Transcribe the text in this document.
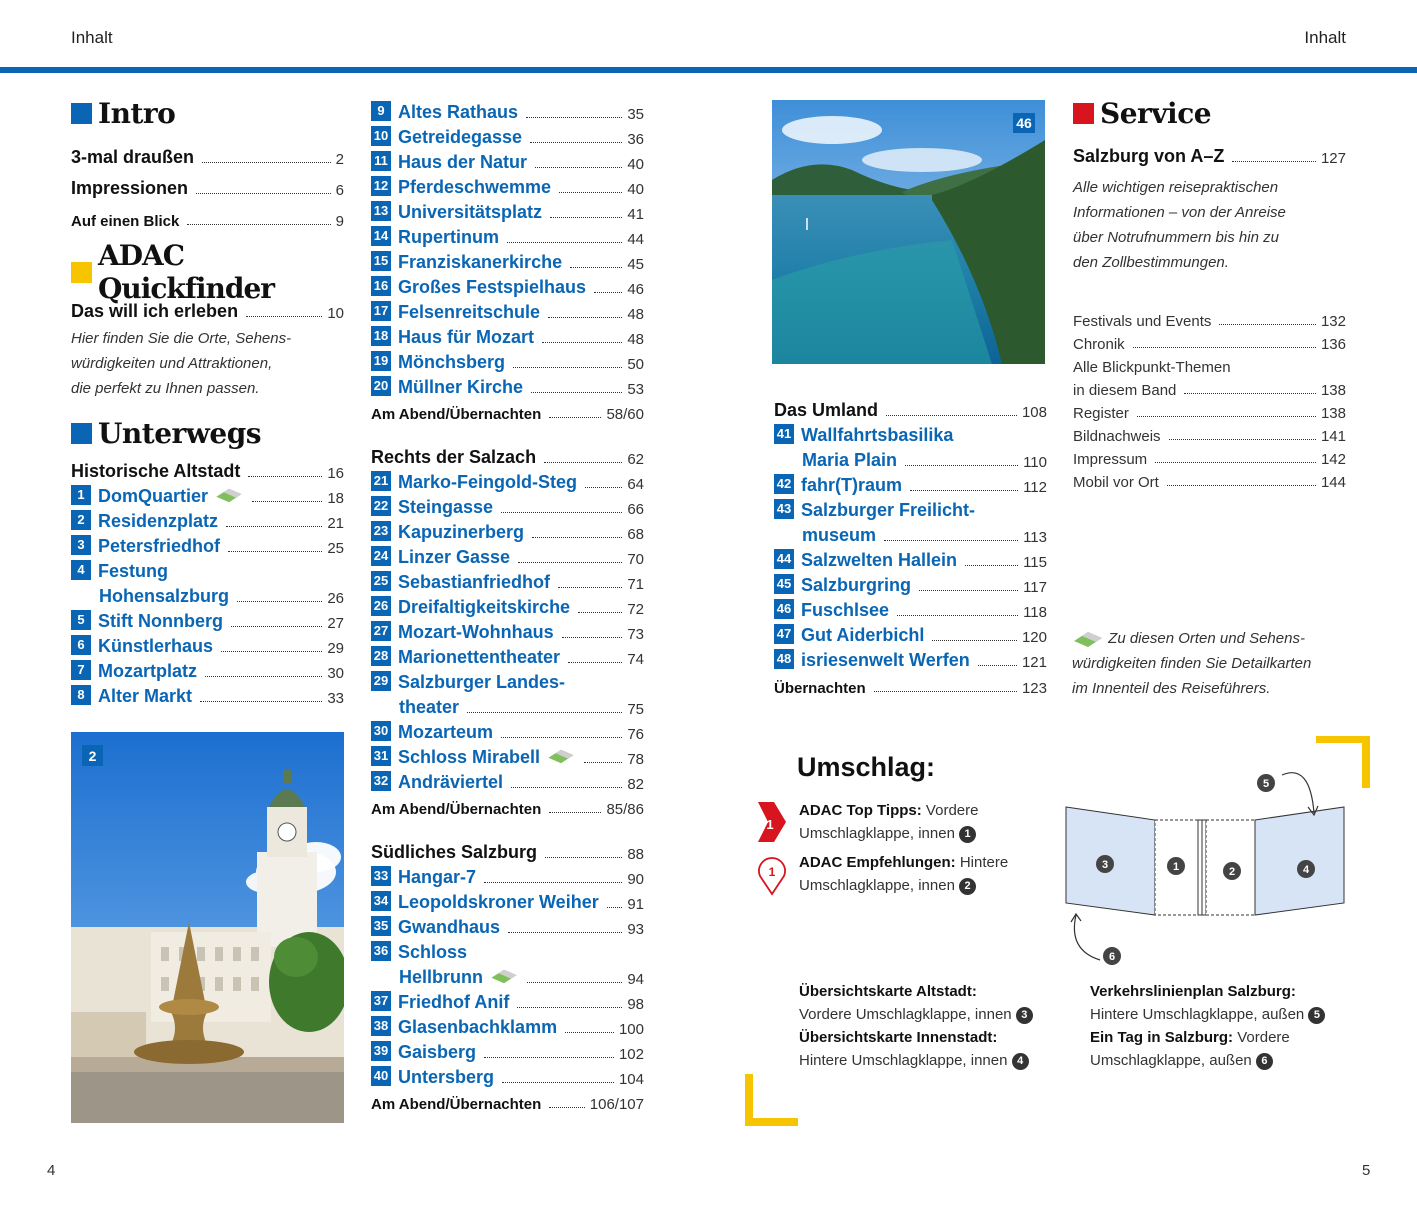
Inhalt	Inhalt
4	5
Intro
3-mal draußen	2
Impressionen	6
Auf einen Blick	9
ADAC Quickfinder
Das will ich erleben	10
Hier finden Sie die Orte, Sehens-
würdigkeiten und Attraktionen,
die perfekt zu Ihnen passen.
Unterwegs
Historische Altstadt	16
1 DomQuartier	18
2 Residenzplatz	21
3 Petersfriedhof	25
4 Festung
Hohensalzburg	26
5 Stift Nonnberg	27
6 Künstlerhaus	29
7 Mozartplatz	30
8 Alter Markt	33
2
9 Altes Rathaus	35
10 Getreidegasse	36
11 Haus der Natur	40
12 Pferdeschwemme	40
13 Universitätsplatz	41
14 Rupertinum	44
15 Franziskanerkirche	45
16 Großes Festspielhaus	46
17 Felsenreitschule	48
18 Haus für Mozart	48
19 Mönchsberg	50
20 Müllner Kirche	53
Am Abend/Übernachten	58/60
Rechts der Salzach	62
21 Marko-Feingold-Steg	64
22 Steingasse	66
23 Kapuzinerberg	68
24 Linzer Gasse	70
25 Sebastianfriedhof	71
26 Dreifaltigkeitskirche	72
27 Mozart-Wohnhaus	73
28 Marionettentheater	74
29 Salzburger Landes-
theater	75
30 Mozarteum	76
31 Schloss Mirabell	78
32 Andräviertel	82
Am Abend/Übernachten	85/86
Südliches Salzburg	88
33 Hangar-7	90
34 Leopoldskroner Weiher 91
35 Gwandhaus	93
36 Schloss
Hellbrunn	94
37 Friedhof Anif	98
38 Glasenbachklamm	100
39 Gaisberg	102
40 Untersberg	104
Am Abend/Übernachten	106/107
46
Das Umland	108
41 Wallfahrtsbasilika
Maria Plain	110
42 fahr(T)raum	112
43 Salzburger Freilicht-
museum	113
44 Salzwelten Hallein	115
45 Salzburgring	117
46 Fuschlsee	118
47 Gut Aiderbichl	120
48 isriesenwelt Werfen	121
Übernachten	123
Service
Salzburg von A–Z	127
Alle wichtigen reisepraktischen
Informationen – von der Anreise
über Notrufnummern bis hin zu
den Zollbestimmungen.
Festivals und Events	132
Chronik	136
Alle Blickpunkt-Themen
in diesem Band	138
Register	138
Bildnachweis	141
Impressum	142
Mobil vor Ort	144
Zu diesen Orten und Sehens-
würdigkeiten finden Sie Detailkarten
im Innenteil des Reiseführers.
Umschlag:
1
ADAC Top Tipps: Vordere
Umschlagklappe, innen 1
1
ADAC Empfehlungen: Hintere
Umschlagklappe, innen 2
Übersichtskarte Altstadt:
Vordere Umschlagklappe, innen 3
Übersichtskarte Innenstadt:
Hintere Umschlagklappe, innen 4
Verkehrslinienplan Salzburg:
Hintere Umschlagklappe, außen 5
Ein Tag in Salzburg: Vordere
Umschlagklappe, außen 6
3	1	2	4
5
6
